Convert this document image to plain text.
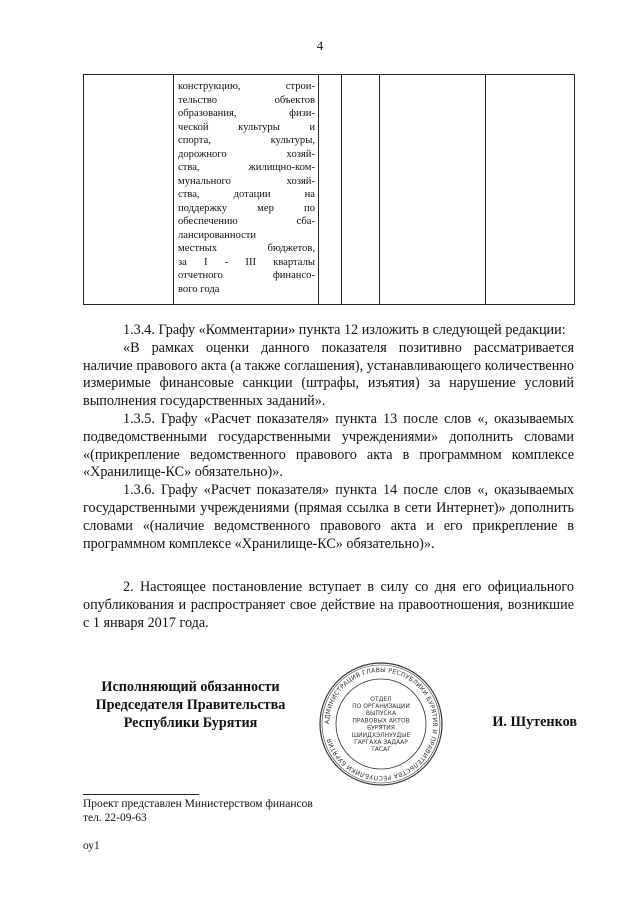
4

конструкцию, строи-
тельство объектов
образования, физи-
ческой культуры и
спорта, культуры,
дорожного хозяй-
ства, жилищно-ком-
мунального хозяй-
ства, дотации на
поддержку мер по
обеспечению сба-
лансированности
местных бюджетов,
за I - III кварталы
отчетного финансо-
вого года

1.3.4. Графу «Комментарии» пункта 12 изложить в следующей редакции:

«В рамках оценки данного показателя позитивно рассматривается наличие правового акта (а также соглашения), устанавливающего количественно измеримые финансовые санкции (штрафы, изъятия) за нарушение условий выполнения государственных заданий».

1.3.5. Графу «Расчет показателя» пункта 13 после слов «, оказываемых подведомственными государственными учреждениями» дополнить словами «(прикрепление ведомственного правового акта в программном комплексе «Хранилище-КС» обязательно)».

1.3.6. Графу «Расчет показателя» пункта 14 после слов «, оказываемых государственными учреждениями (прямая ссылка в сети Интернет)» дополнить словами «(наличие ведомственного правового акта и его прикрепление в программном комплексе «Хранилище-КС» обязательно)».

2. Настоящее постановление вступает в силу со дня его официального опубликования и распространяет свое действие на правоотношения, возникшие с 1 января 2017 года.

Исполняющий обязанности
Председателя Правительства
Республики Бурятия	АДМИНИСТРАЦИЯ ГЛАВЫ РЕСПУБЛИКИ БУРЯТИЯ И ПРАВИТЕЛЬСТВА РЕСПУБЛИКИ БУРЯТИЯ
ОТДЕЛ
ПО ОРГАНИЗАЦИИ
ВЫПУСКА
ПРАВОВЫХ АКТОВ
БУРЯТИЯ
ШИИДХЭЛНУУДЫЕ
ГАРГАХА ЗАДААР
ТАСАГ
И. Шутенков
Проект представлен Министерством финансов
тел. 22-09-63
оу1
